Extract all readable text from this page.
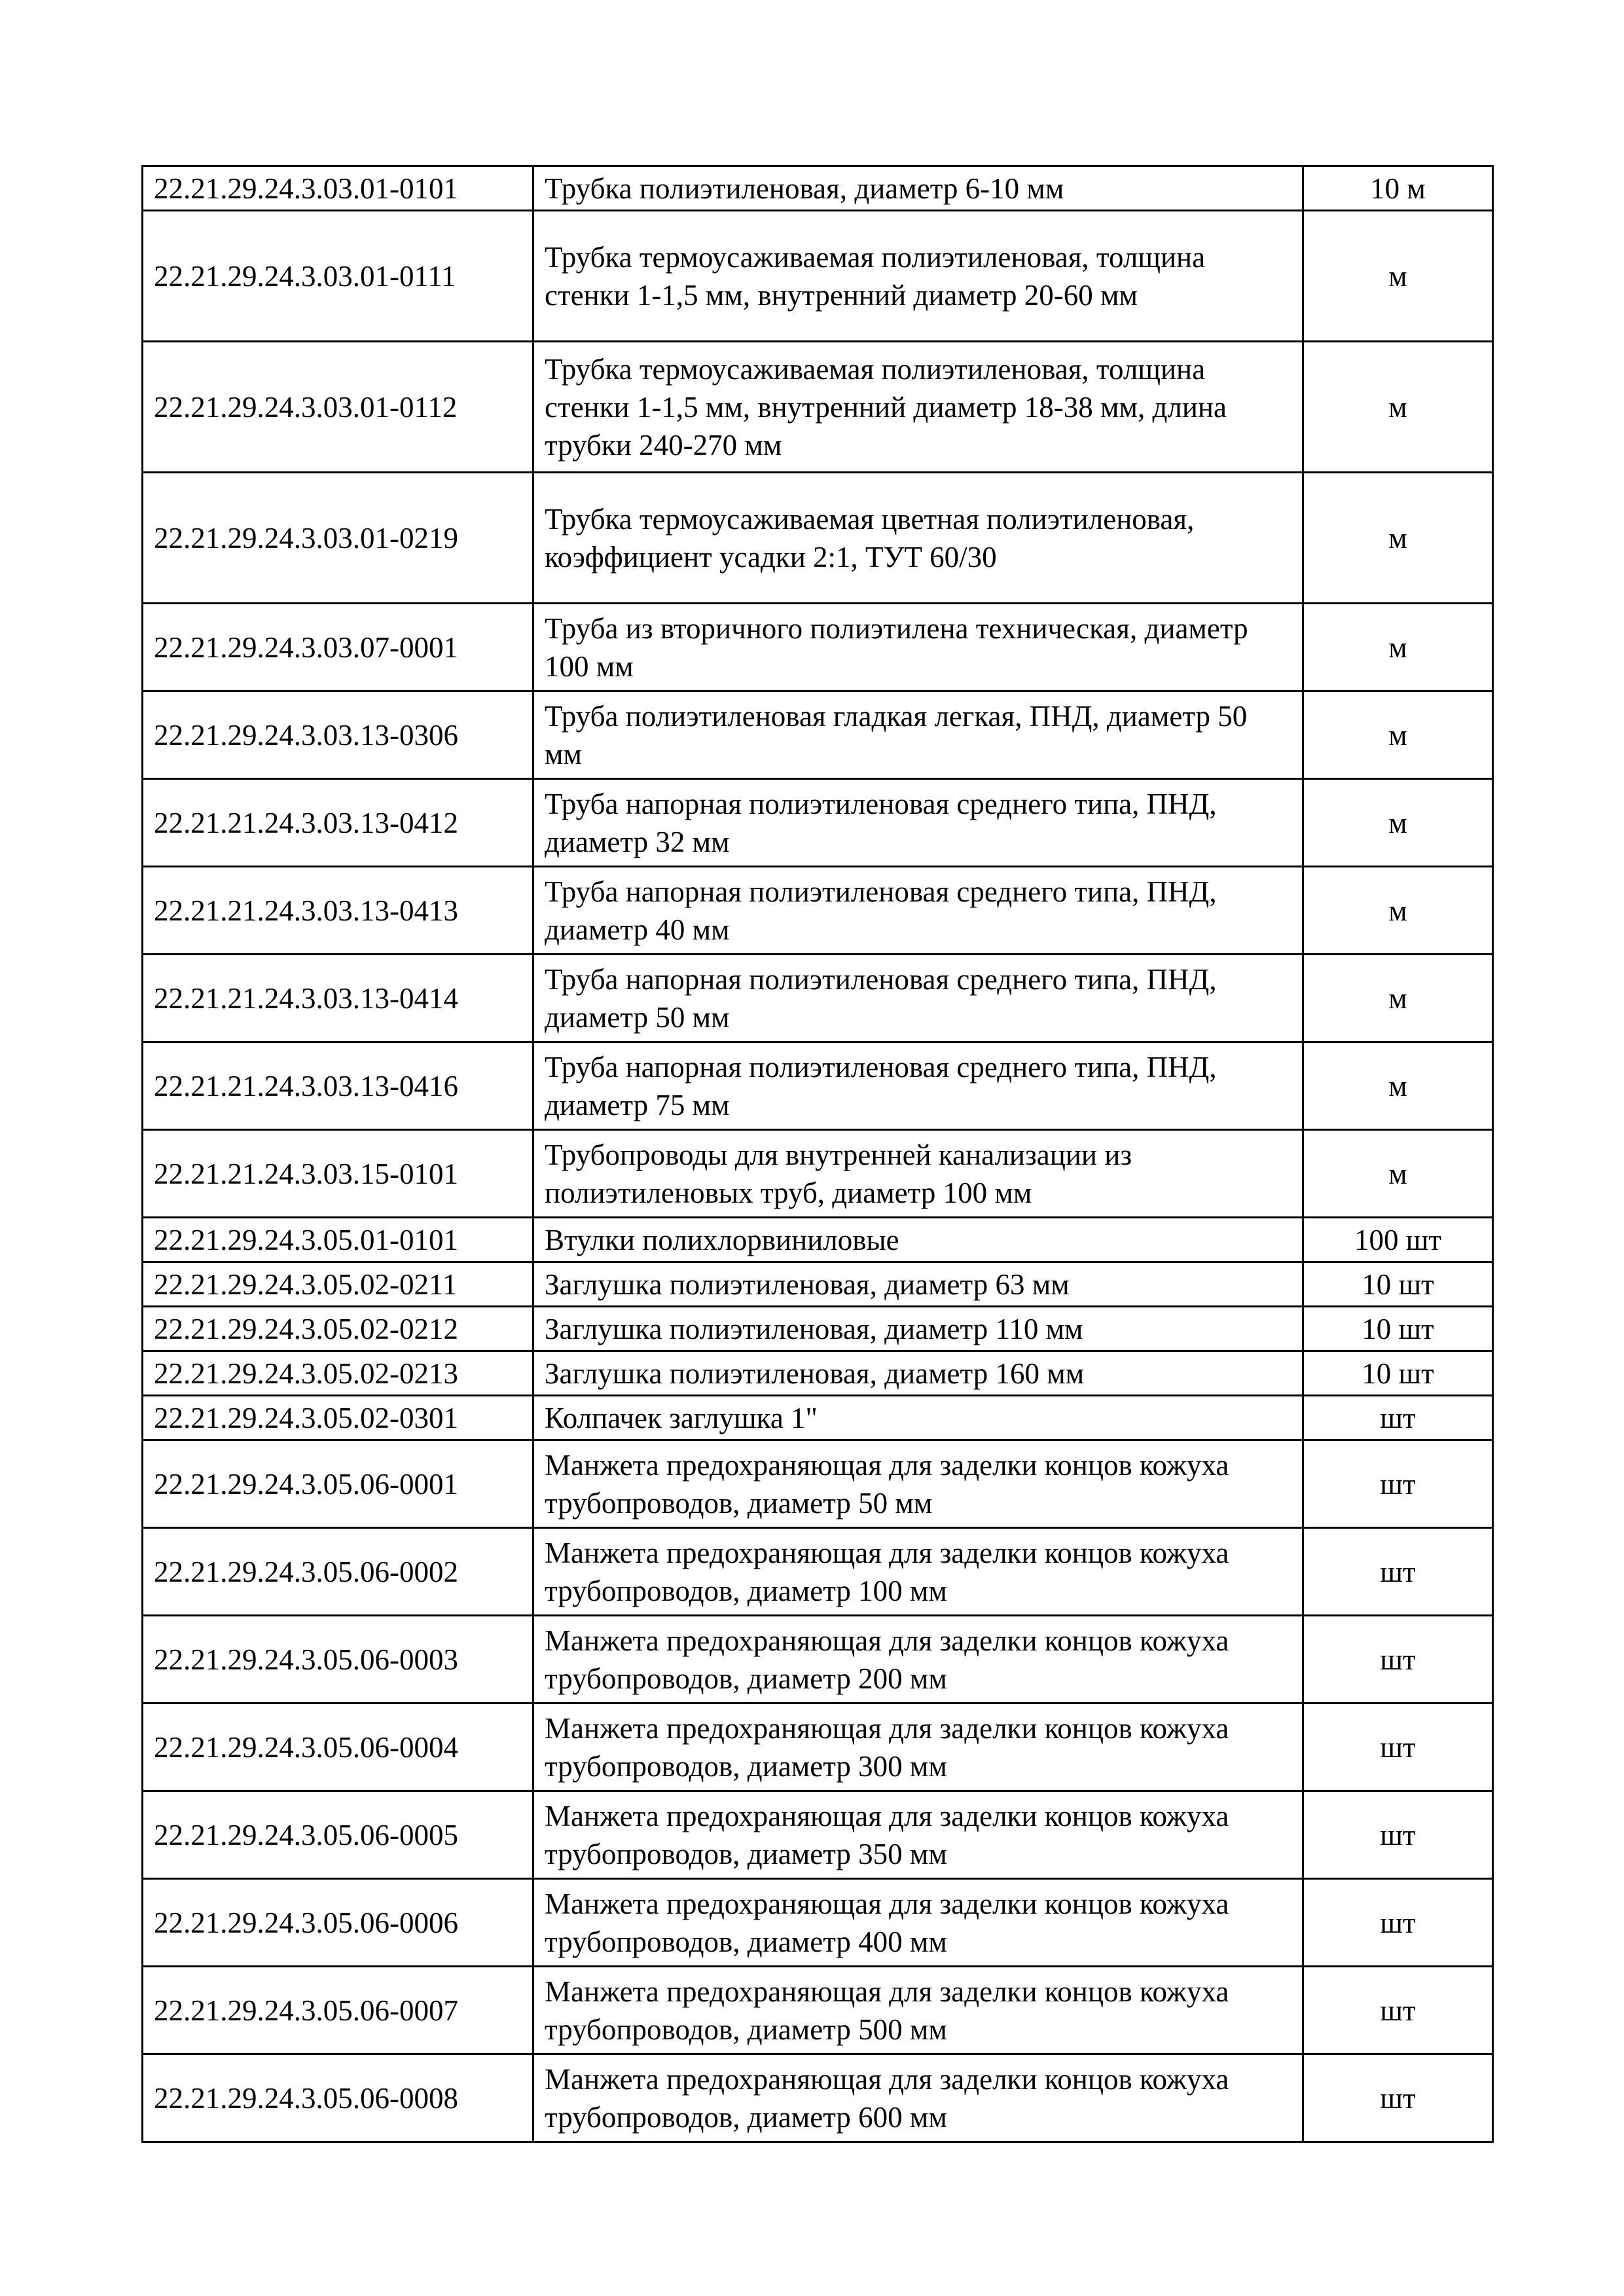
22.21.29.24.3.03.01-0101	Трубка полиэтиленовая, диаметр 6-10 мм	10 м
22.21.29.24.3.03.01-0111	Трубка термоусаживаемая полиэтиленовая, толщина стенки 1-1,5 мм, внутренний диаметр 20-60 мм	м
22.21.29.24.3.03.01-0112	Трубка термоусаживаемая полиэтиленовая, толщина стенки 1-1,5 мм, внутренний диаметр 18-38 мм, длина трубки 240-270 мм	м
22.21.29.24.3.03.01-0219	Трубка термоусаживаемая цветная полиэтиленовая, коэффициент усадки 2:1, ТУТ 60/30	м
22.21.29.24.3.03.07-0001	Труба из вторичного полиэтилена техническая, диаметр 100 мм	м
22.21.29.24.3.03.13-0306	Труба полиэтиленовая гладкая легкая, ПНД, диаметр 50 мм	м
22.21.21.24.3.03.13-0412	Труба напорная полиэтиленовая среднего типа, ПНД, диаметр 32 мм	м
22.21.21.24.3.03.13-0413	Труба напорная полиэтиленовая среднего типа, ПНД, диаметр 40 мм	м
22.21.21.24.3.03.13-0414	Труба напорная полиэтиленовая среднего типа, ПНД, диаметр 50 мм	м
22.21.21.24.3.03.13-0416	Труба напорная полиэтиленовая среднего типа, ПНД, диаметр 75 мм	м
22.21.21.24.3.03.15-0101	Трубопроводы для внутренней канализации из полиэтиленовых труб, диаметр 100 мм	м
22.21.29.24.3.05.01-0101	Втулки полихлорвиниловые	100 шт
22.21.29.24.3.05.02-0211	Заглушка полиэтиленовая, диаметр 63 мм	10 шт
22.21.29.24.3.05.02-0212	Заглушка полиэтиленовая, диаметр 110 мм	10 шт
22.21.29.24.3.05.02-0213	Заглушка полиэтиленовая, диаметр 160 мм	10 шт
22.21.29.24.3.05.02-0301	Колпачек заглушка 1"	шт
22.21.29.24.3.05.06-0001	Манжета предохраняющая для заделки концов кожуха трубопроводов, диаметр 50 мм	шт
22.21.29.24.3.05.06-0002	Манжета предохраняющая для заделки концов кожуха трубопроводов, диаметр 100 мм	шт
22.21.29.24.3.05.06-0003	Манжета предохраняющая для заделки концов кожуха трубопроводов, диаметр 200 мм	шт
22.21.29.24.3.05.06-0004	Манжета предохраняющая для заделки концов кожуха трубопроводов, диаметр 300 мм	шт
22.21.29.24.3.05.06-0005	Манжета предохраняющая для заделки концов кожуха трубопроводов, диаметр 350 мм	шт
22.21.29.24.3.05.06-0006	Манжета предохраняющая для заделки концов кожуха трубопроводов, диаметр 400 мм	шт
22.21.29.24.3.05.06-0007	Манжета предохраняющая для заделки концов кожуха трубопроводов, диаметр 500 мм	шт
22.21.29.24.3.05.06-0008	Манжета предохраняющая для заделки концов кожуха трубопроводов, диаметр 600 мм	шт
